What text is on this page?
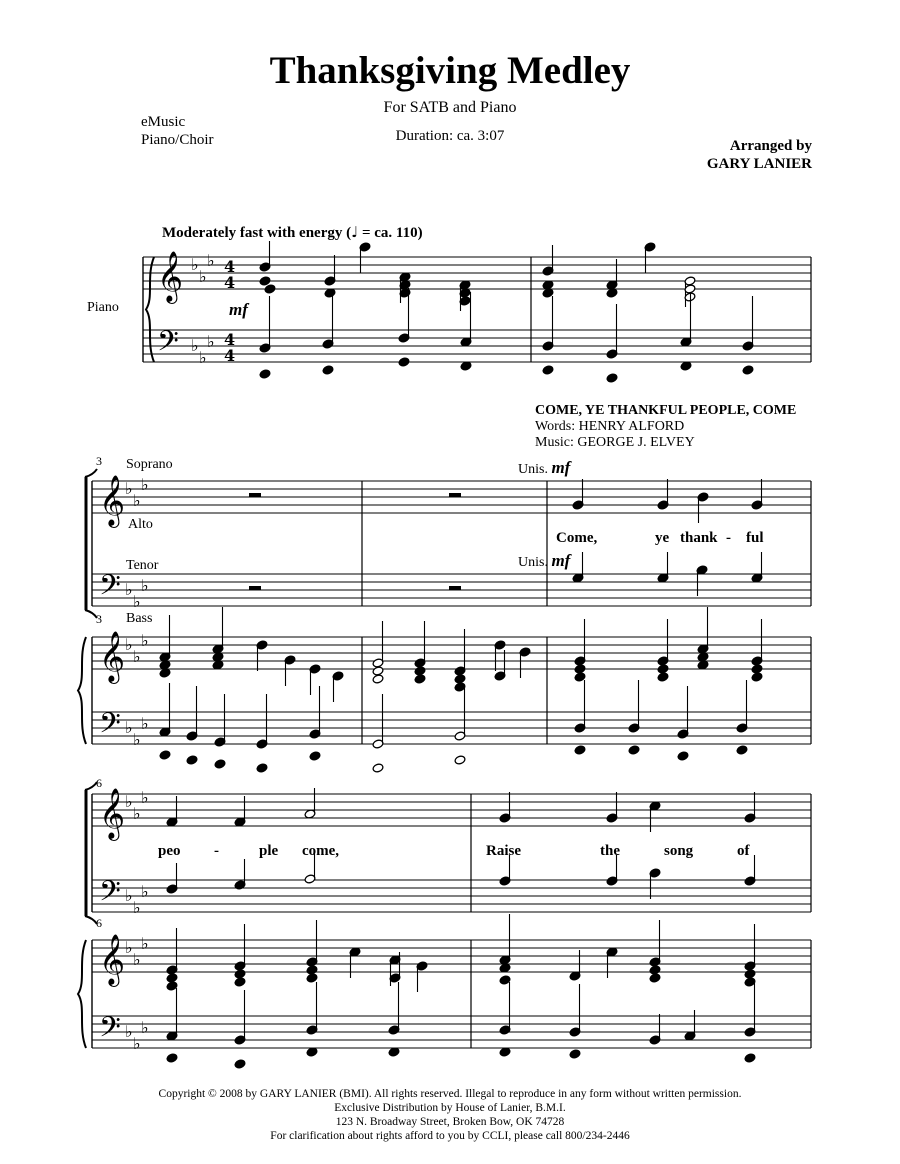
Thanksgiving Medley
For SATB and Piano
Duration: ca. 3:07
eMusic
Piano/Choir	Arranged by
GARY LANIER
Moderately fast with energy (♩ = ca. 110)
COME, YE THANKFUL PEOPLE, COME
Words: HENRY ALFORD
Music: GEORGE J. ELVEY
Piano
Soprano
Alto
Tenor
Bass
3
3
6
6
Unis. mf
Unis. mf
mf
Come,	ye thank - ful
peo -	ple come,	Raise	the	song	of
𝄞
𝄢
♭
♭
♭
♭
♭
♭
4
4
4
4
𝄞
𝄢
♭
♭
♭
♭
♭
♭
𝄞
𝄢
♭
♭
♭
♭
♭
♭
𝄞
𝄢
♭
♭
♭
♭
♭
♭
𝄞
𝄢
♭
♭
♭
♭
♭
♭
Copyright © 2008 by GARY LANIER (BMI). All rights reserved. Illegal to reproduce in any form without written permission.
Exclusive Distribution by House of Lanier, B.M.I.
123 N. Broadway Street, Broken Bow, OK 74728
For clarification about rights afford to you by CCLI, please call 800/234-2446
